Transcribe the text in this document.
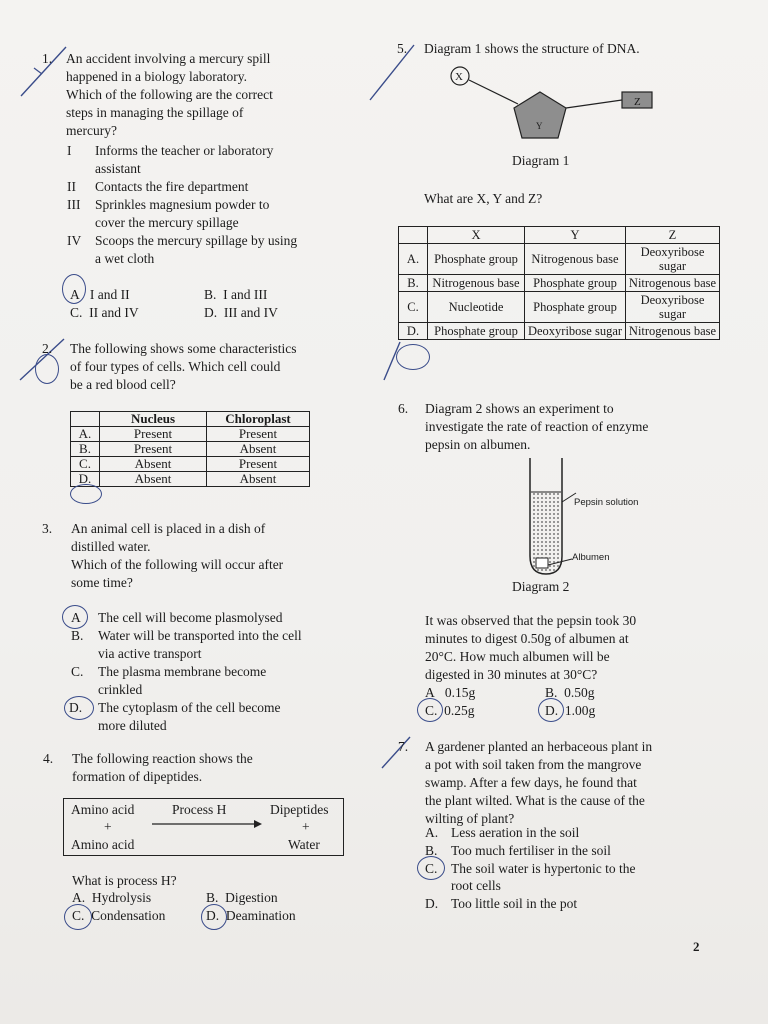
1. An accident involving a mercury spill
happened in a biology laboratory.
Which of the following are the correct
steps in managing the spillage of
mercury?
I Informs the teacher or laboratory
assistant
II Contacts the fire department
III Sprinkles magnesium powder to
cover the mercury spillage
IV Scoops the mercury spillage by using
a wet cloth
A   I and II	B.  I and III
C.  II and IV	D.  III and IV
2. The following shows some characteristics
of four types of cells. Which cell could
be a red blood cell?
	Nucleus	Chloroplast
A.	Present	Present
B.	Present	Absent
C.	Absent	Present
D.	Absent	Absent
3. An animal cell is placed in a dish of
distilled water.
Which of the following will occur after
some time?
A The cell will become plasmolysed
B. Water will be transported into the cell
via active transport
C. The plasma membrane become
crinkled
D. The cytoplasm of the cell become
more diluted
4. The following reaction shows the
formation of dipeptides.
Amino acid
+
Amino acid
Process H	Dipeptides
+
Water
What is process H?
A.  Hydrolysis	B.  Digestion
C.  Condensation	D.  Deamination
5. Diagram 1 shows the structure of DNA.
X
Y
Z
Diagram 1
What are X, Y and Z?
	X	Y	Z
A.	Phosphate group	Nitrogenous base	Deoxyribose sugar
B.	Nitrogenous base	Phosphate group	Nitrogenous base
C.	Nucleotide	Phosphate group	Deoxyribose sugar
D.	Phosphate group	Deoxyribose sugar	Nitrogenous base
6. Diagram 2 shows an experiment to
investigate the rate of reaction of enzyme
pepsin on albumen.
Pepsin solution
Albumen
Diagram 2
It was observed that the pepsin took 30
minutes to digest 0.50g of albumen at
20°C. How much albumen will be
digested in 30 minutes at 30°C?
A   0.15g	B.  0.50g
C.  0.25g	D.  1.00g
7. A gardener planted an herbaceous plant in
a pot with soil taken from the mangrove
swamp. After a few days, he found that
the plant wilted. What is the cause of the
wilting of plant?
A. Less aeration in the soil
B. Too much fertiliser in the soil
C. The soil water is hypertonic to the
root cells
D. Too little soil in the pot
2
